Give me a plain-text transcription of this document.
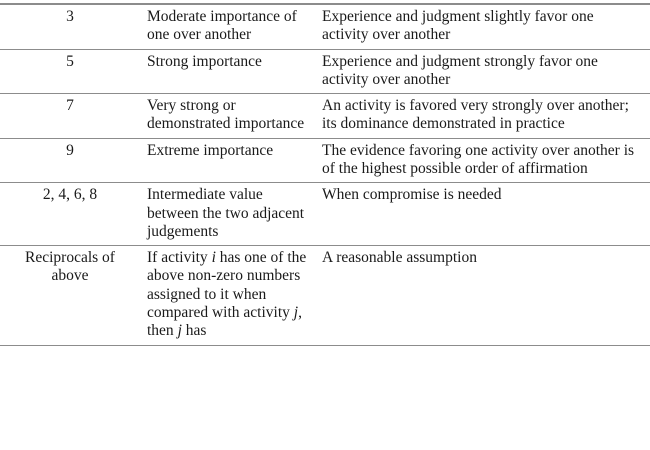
3	Moderate importance of one over another	Experience and judgment slightly favor one activity over another
5	Strong importance	Experience and judgment strongly favor one activity over another
7	Very strong or demonstrated importance	An activity is favored very strongly over another; its dominance demonstrated in practice
9	Extreme importance	The evidence favoring one activity over another is of the highest possible order of affirmation
2, 4, 6, 8	Intermediate value between the two adjacent judgements	When compromise is needed
Reciprocals of above	If activity i has one of the above non-zero numbers assigned to it when compared with activity j, then j has	A reasonable assumption
